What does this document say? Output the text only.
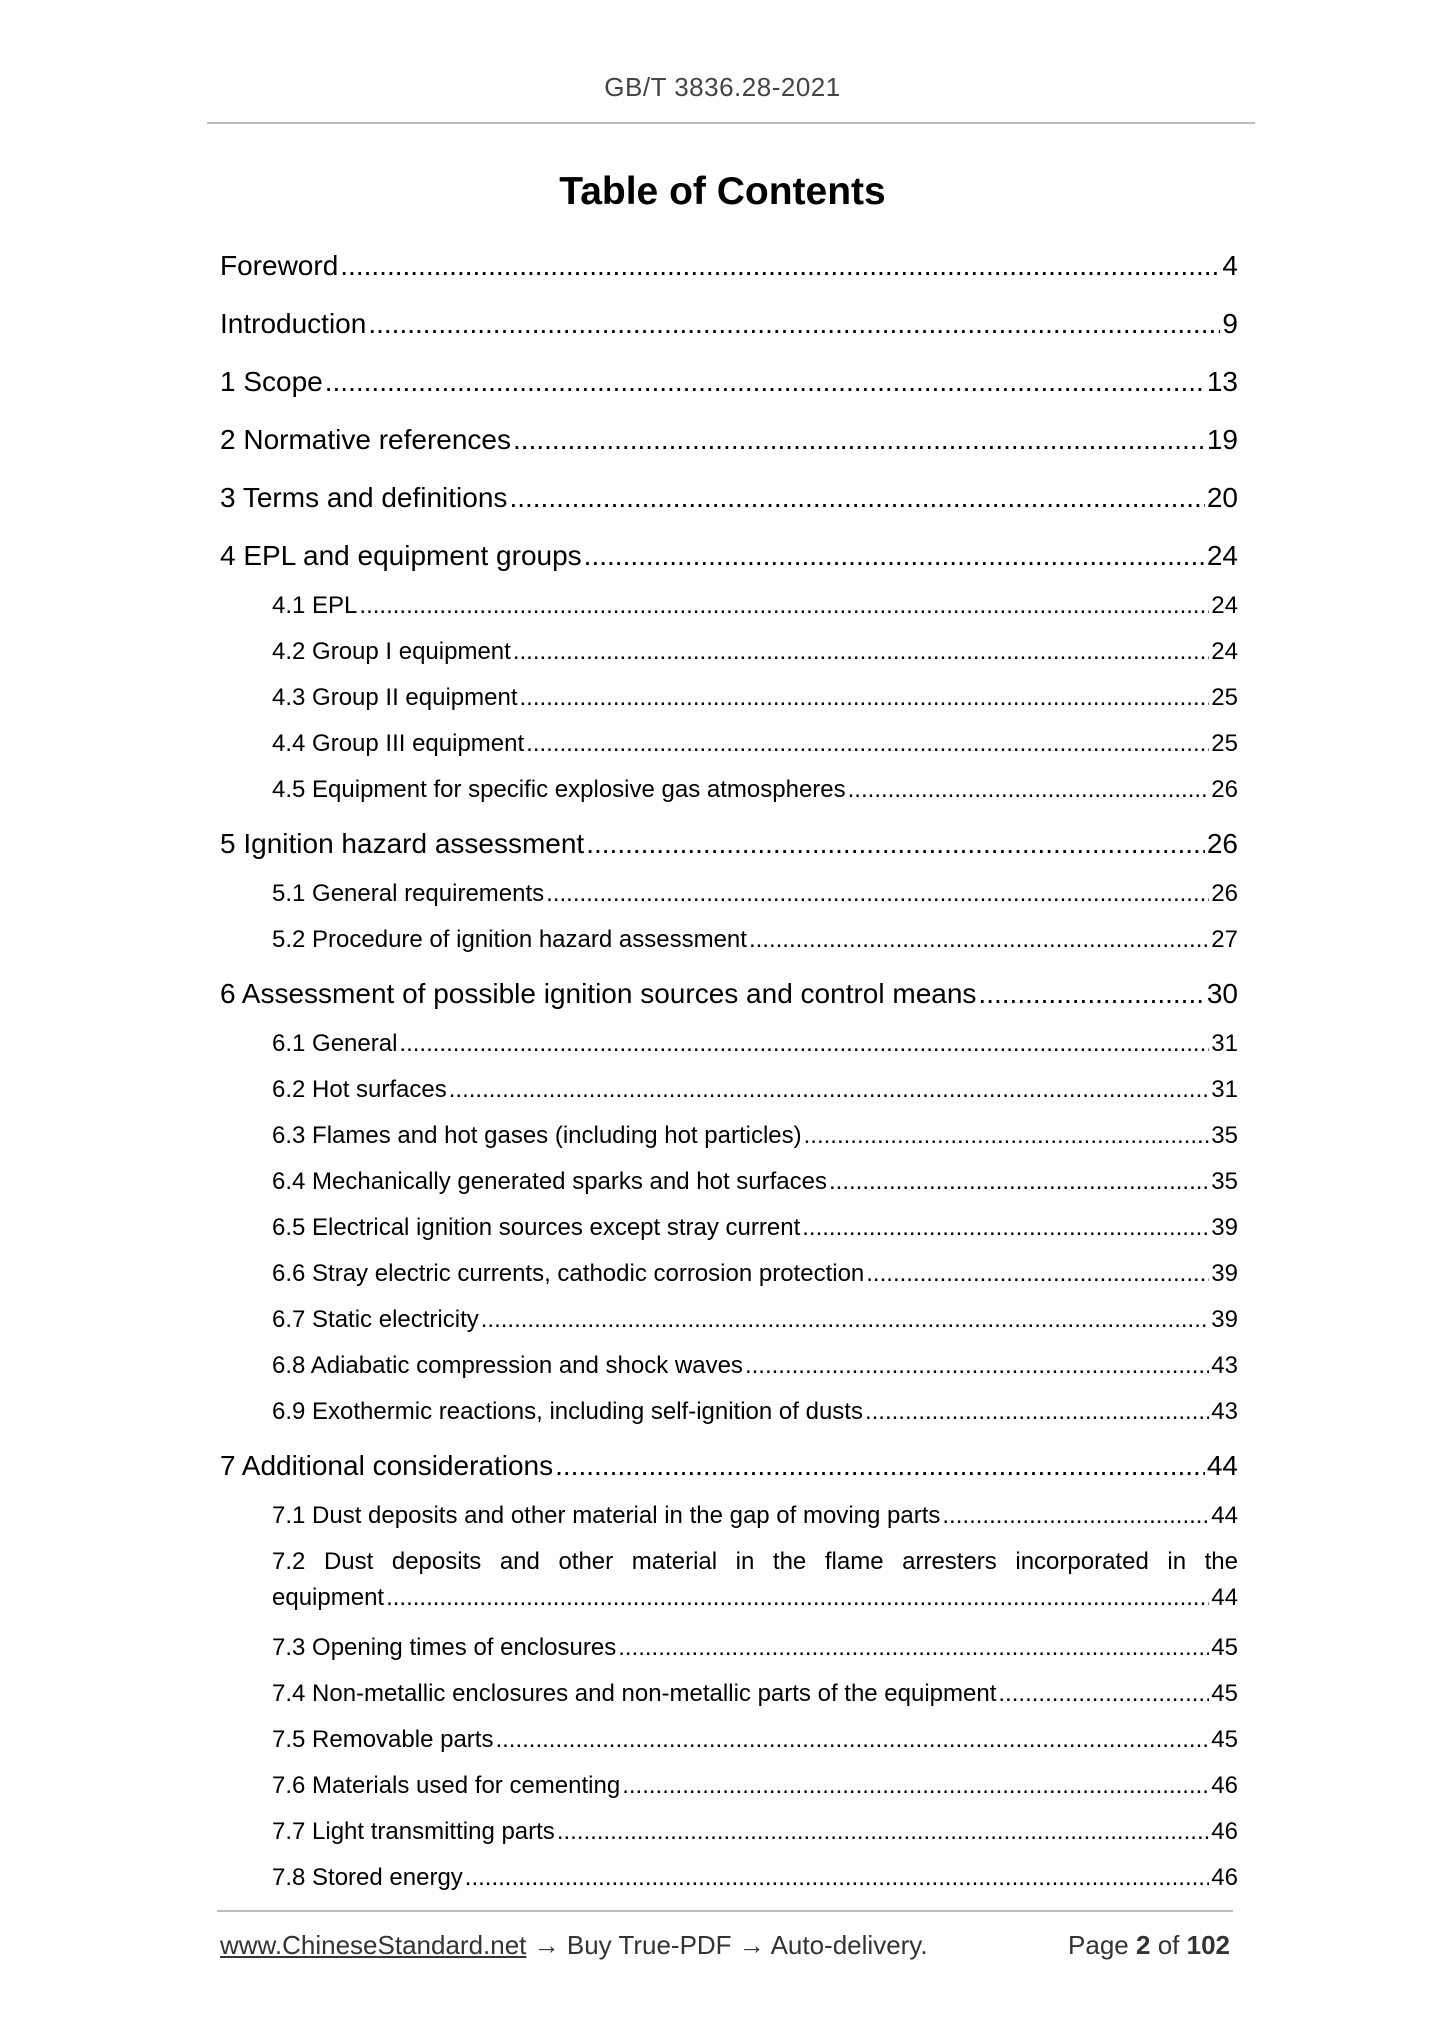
GB/T 3836.28-2021
Table of Contents
Foreword .....	4
Introduction .....	9
1 Scope .....	13
2 Normative references .....	19
3 Terms and definitions .....	20
4 EPL and equipment groups .....	24
4.1 EPL .....	24
4.2 Group I equipment .....	24
4.3 Group II equipment .....	25
4.4 Group III equipment .....	25
4.5 Equipment for specific explosive gas atmospheres .....	26
5 Ignition hazard assessment .....	26
5.1 General requirements .....	26
5.2 Procedure of ignition hazard assessment .....	27
6 Assessment of possible ignition sources and control means .....	30
6.1 General .....	31
6.2 Hot surfaces .....	31
6.3 Flames and hot gases (including hot particles) .....	35
6.4 Mechanically generated sparks and hot surfaces .....	35
6.5 Electrical ignition sources except stray current .....	39
6.6 Stray electric currents, cathodic corrosion protection .....	39
6.7 Static electricity .....	39
6.8 Adiabatic compression and shock waves .....	43
6.9 Exothermic reactions, including self-ignition of dusts .....	43
7 Additional considerations .....	44
7.1 Dust deposits and other material in the gap of moving parts .....	44
7.2 Dust deposits and other material in the flame arresters incorporated in the
equipment .....	44
7.3 Opening times of enclosures .....	45
7.4 Non-metallic enclosures and non-metallic parts of the equipment .....	45
7.5 Removable parts .....	45
7.6 Materials used for cementing .....	46
7.7 Light transmitting parts .....	46
7.8 Stored energy .....	46
www.ChineseStandard.net → Buy True-PDF → Auto-delivery.	Page 2 of 102
